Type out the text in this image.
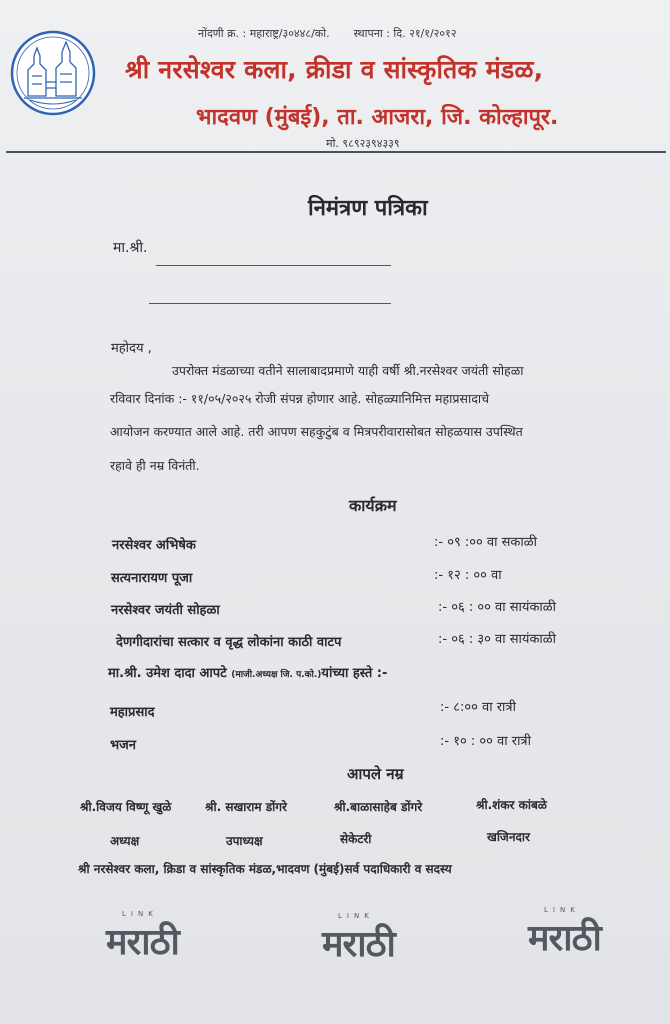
नोंदणी क्र. : महाराष्ट्र/३०४४८/को. स्थापना : दि. २१/१/२०१२
श्री नरसेश्वर कला, क्रीडा व सांस्कृतिक मंडळ,
भादवण (मुंबई), ता. आजरा, जि. कोल्हापूर.
मो. ९८९२३९४३३९
निमंत्रण पत्रिका
मा.श्री.
महोदय ,
उपरोक्त मंडळाच्या वतीने सालाबादप्रमाणे याही वर्षी श्री.नरसेश्वर जयंती सोहळा
रविवार दिनांक :- ११/०५/२०२५ रोजी संपन्न होणार आहे. सोहळ्यानिमित्त महाप्रसादाचे
आयोजन करण्यात आले आहे. तरी आपण सहकुटुंब व मित्रपरीवारासोबत सोहळयास उपस्थित
रहावे ही नम्र विनंती.
कार्यक्रम
नरसेश्वर अभिषेक	:- ०९ :०० वा सकाळी
सत्यनारायण पूजा	:- १२ : ०० वा
नरसेश्वर जयंती सोहळा	:- ०६ : ०० वा सायंकाळी
देणगीदारांचा सत्कार व वृद्ध लोकांना काठी वाटप	:- ०६ : ३० वा सायंकाळी
मा.श्री. उमेश दादा आपटे (माजी.अध्यक्ष जि. प.को.)यांच्या हस्ते :-
महाप्रसाद	:- ८:०० वा रात्री
भजन	:- १० : ०० वा रात्री
आपले नम्र
श्री.विजय विष्णू खुळे	श्री. सखाराम डोंगरे	श्री.बाळासाहेब डोंगरे	श्री.शंकर कांबळे
अध्यक्ष	उपाध्यक्ष	सेकेटरी	खजिनदार
श्री नरसेश्वर कला, क्रिडा व सांस्कृतिक मंडळ,भादवण (मुंबई)सर्व पदाधिकारी व सदस्य
LINK
मराठी
LINK
मराठी
LINK
मराठी
